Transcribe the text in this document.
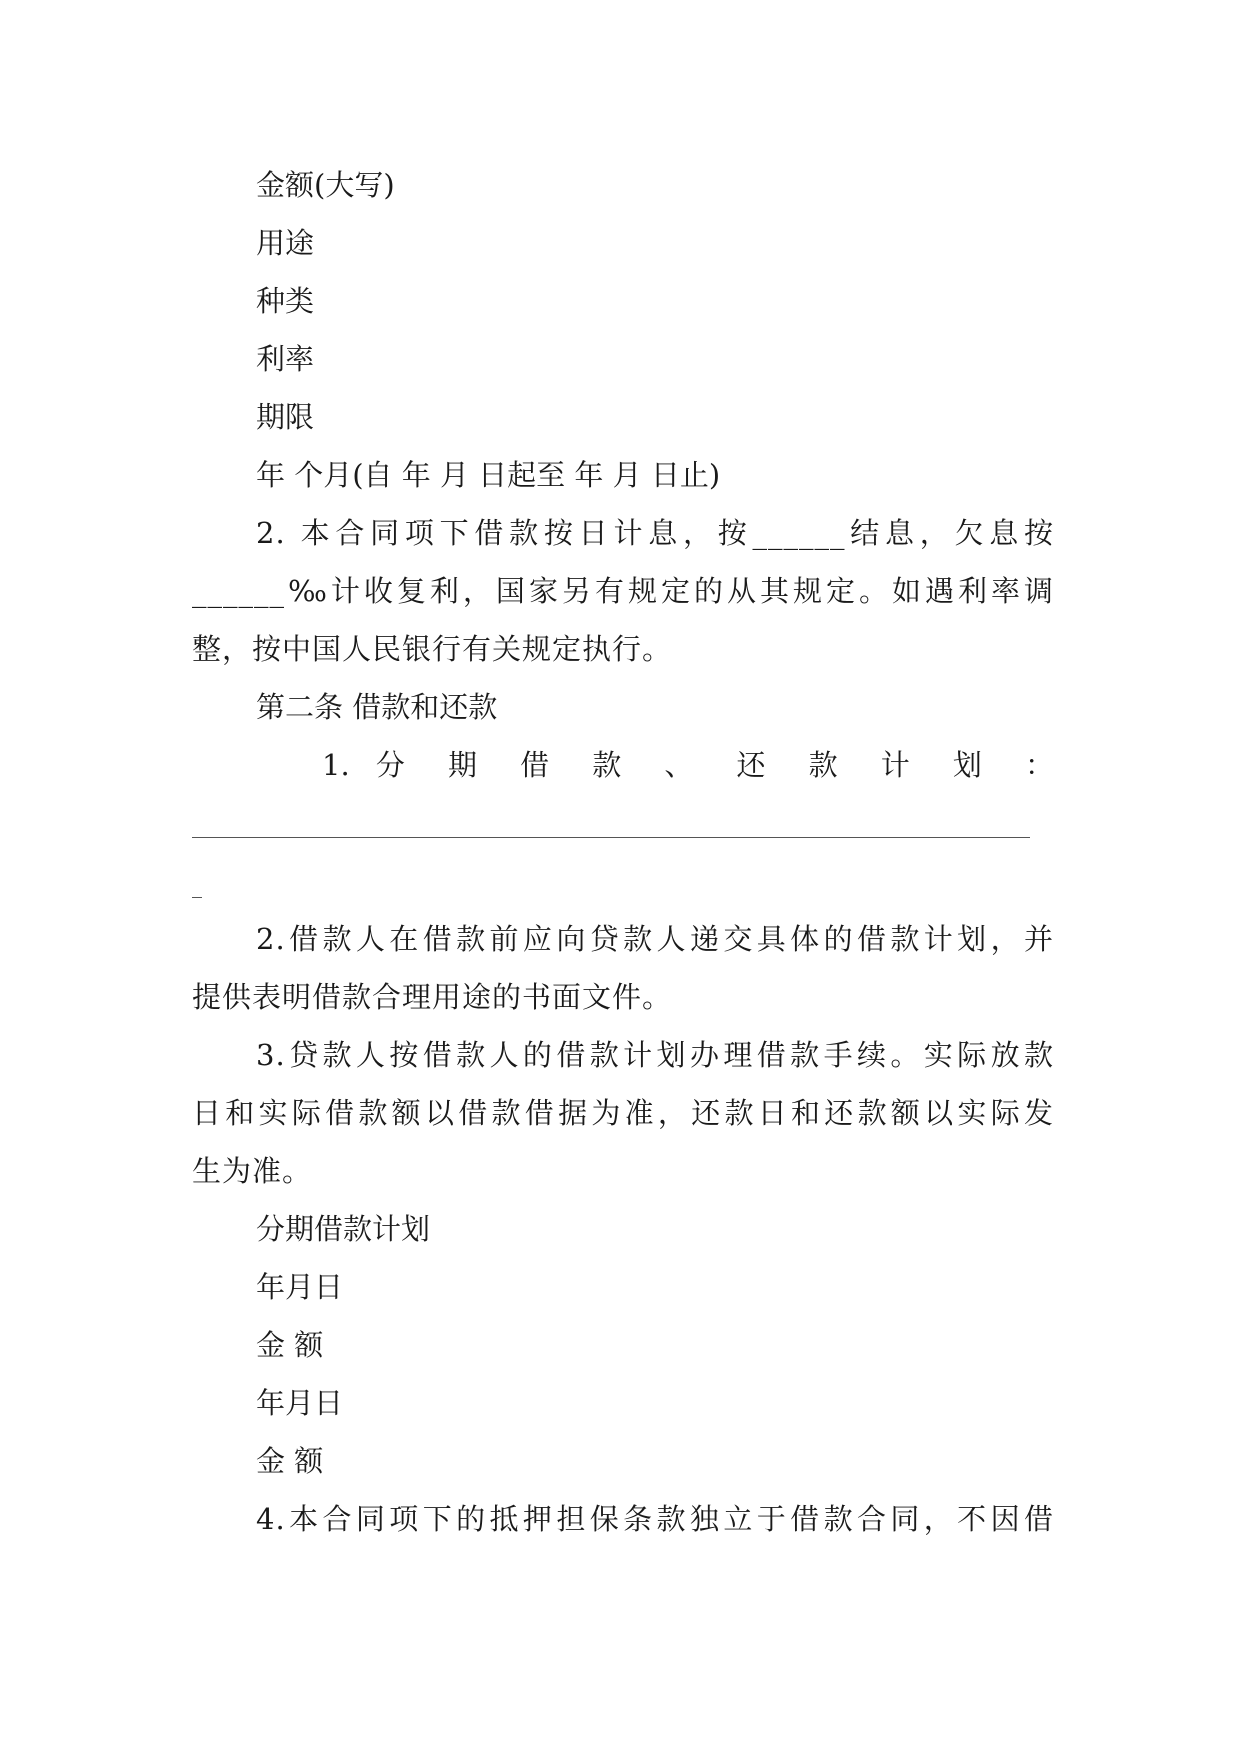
金额(大写)
用途
种类
利率
期限
年 个月(自 年 月 日起至 年 月 日止)
2. 本合同项下借款按日计息，按______结息，欠息按
______‰计收复利，国家另有规定的从其规定。如遇利率调
整，按中国人民银行有关规定执行。
第二条 借款和还款
1. 分 期 借 款 、 还 款 计 划 ：
2.借款人在借款前应向贷款人递交具体的借款计划，并
提供表明借款合理用途的书面文件。
3.贷款人按借款人的借款计划办理借款手续。实际放款
日和实际借款额以借款借据为准，还款日和还款额以实际发
生为准。
分期借款计划
年月日
金 额
年月日
金 额
4.本合同项下的抵押担保条款独立于借款合同，不因借
